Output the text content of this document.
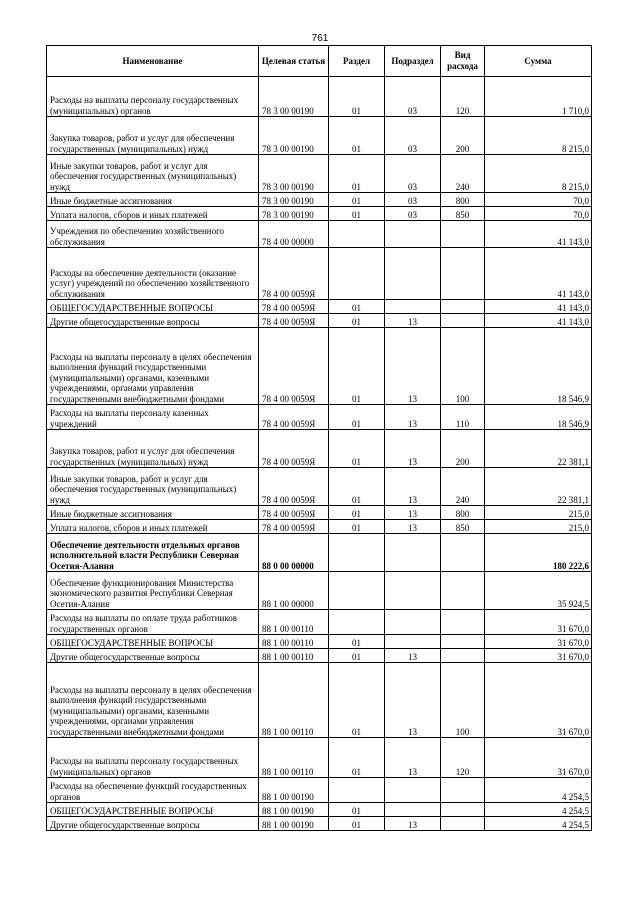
761
Наименование	Целевая статья	Раздел	Подраздел	Вид расхода	Сумма
Расходы на выплаты персоналу государственных (муниципальных) органов	78 3 00 00190	01	03	120	1 710,0
Закупка товаров, работ и услуг для обеспечения государственных (муниципальных) нужд	78 3 00 00190	01	03	200	8 215,0
Иные закупки товаров, работ и услуг для обеспечения государственных (муниципальных) нужд	78 3 00 00190	01	03	240	8 215,0
Иные бюджетные ассигнования	78 3 00 00190	01	03	800	70,0
Уплата налогов, сборов и иных платежей	78 3 00 00190	01	03	850	70,0
Учреждения по обеспечению хозяйственного обслуживания	78 4 00 00000				41 143,0
Расходы на обеспечение деятельности (оказание услуг) учреждений по обеспечению хозяйственного обслуживания	78 4 00 0059Я				41 143,0
ОБЩЕГОСУДАРСТВЕННЫЕ ВОПРОСЫ	78 4 00 0059Я	01			41 143,0
Другие общегосударственные вопросы	78 4 00 0059Я	01	13		41 143,0
Расходы на выплаты персоналу в целях обеспечения выполнения функций государственными (муниципальными) органами, казенными учреждениями, органами управления государственными внебюджетными фондами	78 4 00 0059Я	01	13	100	18 546,9
Расходы на выплаты персоналу казенных учреждений	78 4 00 0059Я	01	13	110	18 546,9
Закупка товаров, работ и услуг для обеспечения государственных (муниципальных) нужд	78 4 00 0059Я	01	13	200	22 381,1
Иные закупки товаров, работ и услуг для обеспечения государственных (муниципальных) нужд	78 4 00 0059Я	01	13	240	22 381,1
Иные бюджетные ассигнования	78 4 00 0059Я	01	13	800	215,0
Уплата налогов, сборов и иных платежей	78 4 00 0059Я	01	13	850	215,0
Обеспечение деятельности отдельных органов исполнительной власти Республики Северная Осетия-Алания	88 0 00 00000				180 222,6
Обеспечение функционирования Министерства экономического развития Республики Северная Осетия-Алания	88 1 00 00000				35 924,5
Расходы на выплаты по оплате труда работников государственных органов	88 1 00 00110				31 670,0
ОБЩЕГОСУДАРСТВЕННЫЕ ВОПРОСЫ	88 1 00 00110	01			31 670,0
Другие общегосударственные вопросы	88 1 00 00110	01	13		31 670,0
Расходы на выплаты персоналу в целях обеспечения выполнения функций государственными (муниципальными) органами, казенными учреждениями, органами управления государственными внебюджетными фондами	88 1 00 00110	01	13	100	31 670,0
Расходы на выплаты персоналу государственных (муниципальных) органов	88 1 00 00110	01	13	120	31 670,0
Расходы на обеспечение функций государственных органов	88 1 00 00190				4 254,5
ОБЩЕГОСУДАРСТВЕННЫЕ ВОПРОСЫ	88 1 00 00190	01			4 254,5
Другие общегосударственные вопросы	88 1 00 00190	01	13		4 254,5
